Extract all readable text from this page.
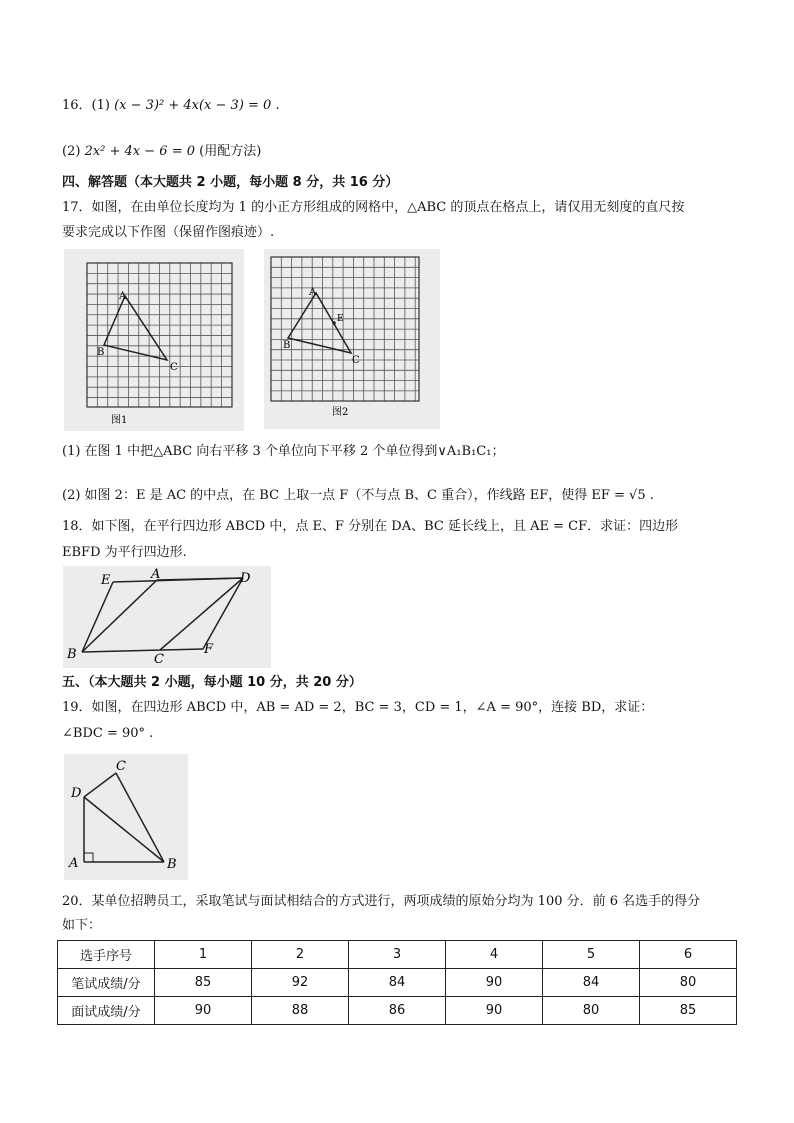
16．(1) (x − 3)² + 4x(x − 3) = 0 .
(2) 2x² + 4x − 6 = 0 (用配方法)
四、解答题（本大题共 2 小题，每小题 8 分，共 16 分）
17．如图，在由单位长度均为 1 的小正方形组成的网格中，△ABC 的顶点在格点上，请仅用无刻度的直尺按
要求完成以下作图（保留作图痕迹）.
A
B
C
图1
A
B
C
E
图2
(1) 在图 1 中把△ABC 向右平移 3 个单位向下平移 2 个单位得到∨A₁B₁C₁；
(2) 如图 2：E 是 AC 的中点，在 BC 上取一点 F（不与点 B、C 重合），作线路 EF，使得 EF = √5 .
18．如下图，在平行四边形 ABCD 中，点 E、F 分别在 DA、BC 延长线上，且 AE = CF．求证：四边形
EBFD 为平行四边形.
E	A	D
B	C
F
五、（本大题共 2 小题，每小题 10 分，共 20 分）
19．如图，在四边形 ABCD 中，AB = AD = 2，BC = 3，CD = 1，∠A = 90°，连接 BD，求证：
∠BDC = 90° .
C
D
A	B
20．某单位招聘员工，采取笔试与面试相结合的方式进行，两项成绩的原始分均为 100 分．前 6 名选手的得分
如下：
选手序号	1	2	3	4	5	6
笔试成绩/分	85	92	84	90	84	80
面试成绩/分	90	88	86	90	80	85
